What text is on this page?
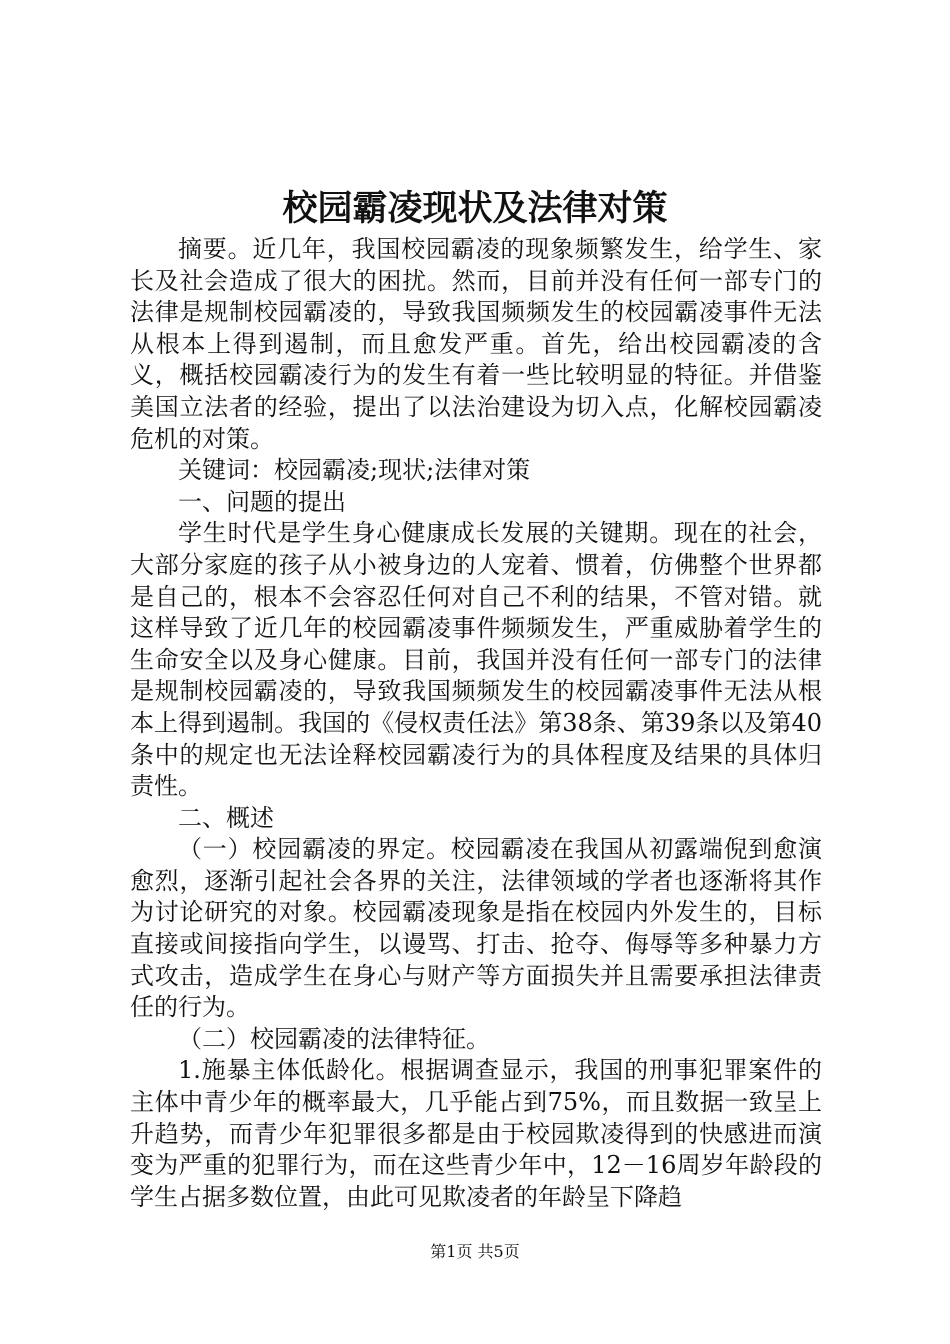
校园霸凌现状及法律对策

摘要。近几年，我国校园霸凌的现象频繁发生，给学生、家长及社会造成了很大的困扰。然而，目前并没有任何一部专门的法律是规制校园霸凌的，导致我国频频发生的校园霸凌事件无法从根本上得到遏制，而且愈发严重。首先，给出校园霸凌的含义，概括校园霸凌行为的发生有着一些比较明显的特征。并借鉴美国立法者的经验，提出了以法治建设为切入点，化解校园霸凌危机的对策。

关键词：校园霸凌;现状;法律对策

一、问题的提出

学生时代是学生身心健康成长发展的关键期。现在的社会，大部分家庭的孩子从小被身边的人宠着、惯着，仿佛整个世界都是自己的，根本不会容忍任何对自己不利的结果，不管对错。就这样导致了近几年的校园霸凌事件频频发生，严重威胁着学生的生命安全以及身心健康。目前，我国并没有任何一部专门的法律是规制校园霸凌的，导致我国频频发生的校园霸凌事件无法从根本上得到遏制。我国的《侵权责任法》第38条、第39条以及第40条中的规定也无法诠释校园霸凌行为的具体程度及结果的具体归责性。

二、概述

（一）校园霸凌的界定。校园霸凌在我国从初露端倪到愈演愈烈，逐渐引起社会各界的关注，法律领域的学者也逐渐将其作为讨论研究的对象。校园霸凌现象是指在校园内外发生的，目标直接或间接指向学生，以谩骂、打击、抢夺、侮辱等多种暴力方式攻击，造成学生在身心与财产等方面损失并且需要承担法律责任的行为。

（二）校园霸凌的法律特征。

1.施暴主体低龄化。根据调查显示，我国的刑事犯罪案件的主体中青少年的概率最大，几乎能占到75%，而且数据一致呈上升趋势，而青少年犯罪很多都是由于校园欺凌得到的快感进而演变为严重的犯罪行为，而在这些青少年中，12－16周岁年龄段的学生占据多数位置，由此可见欺凌者的年龄呈下降趋

第1页 共5页
